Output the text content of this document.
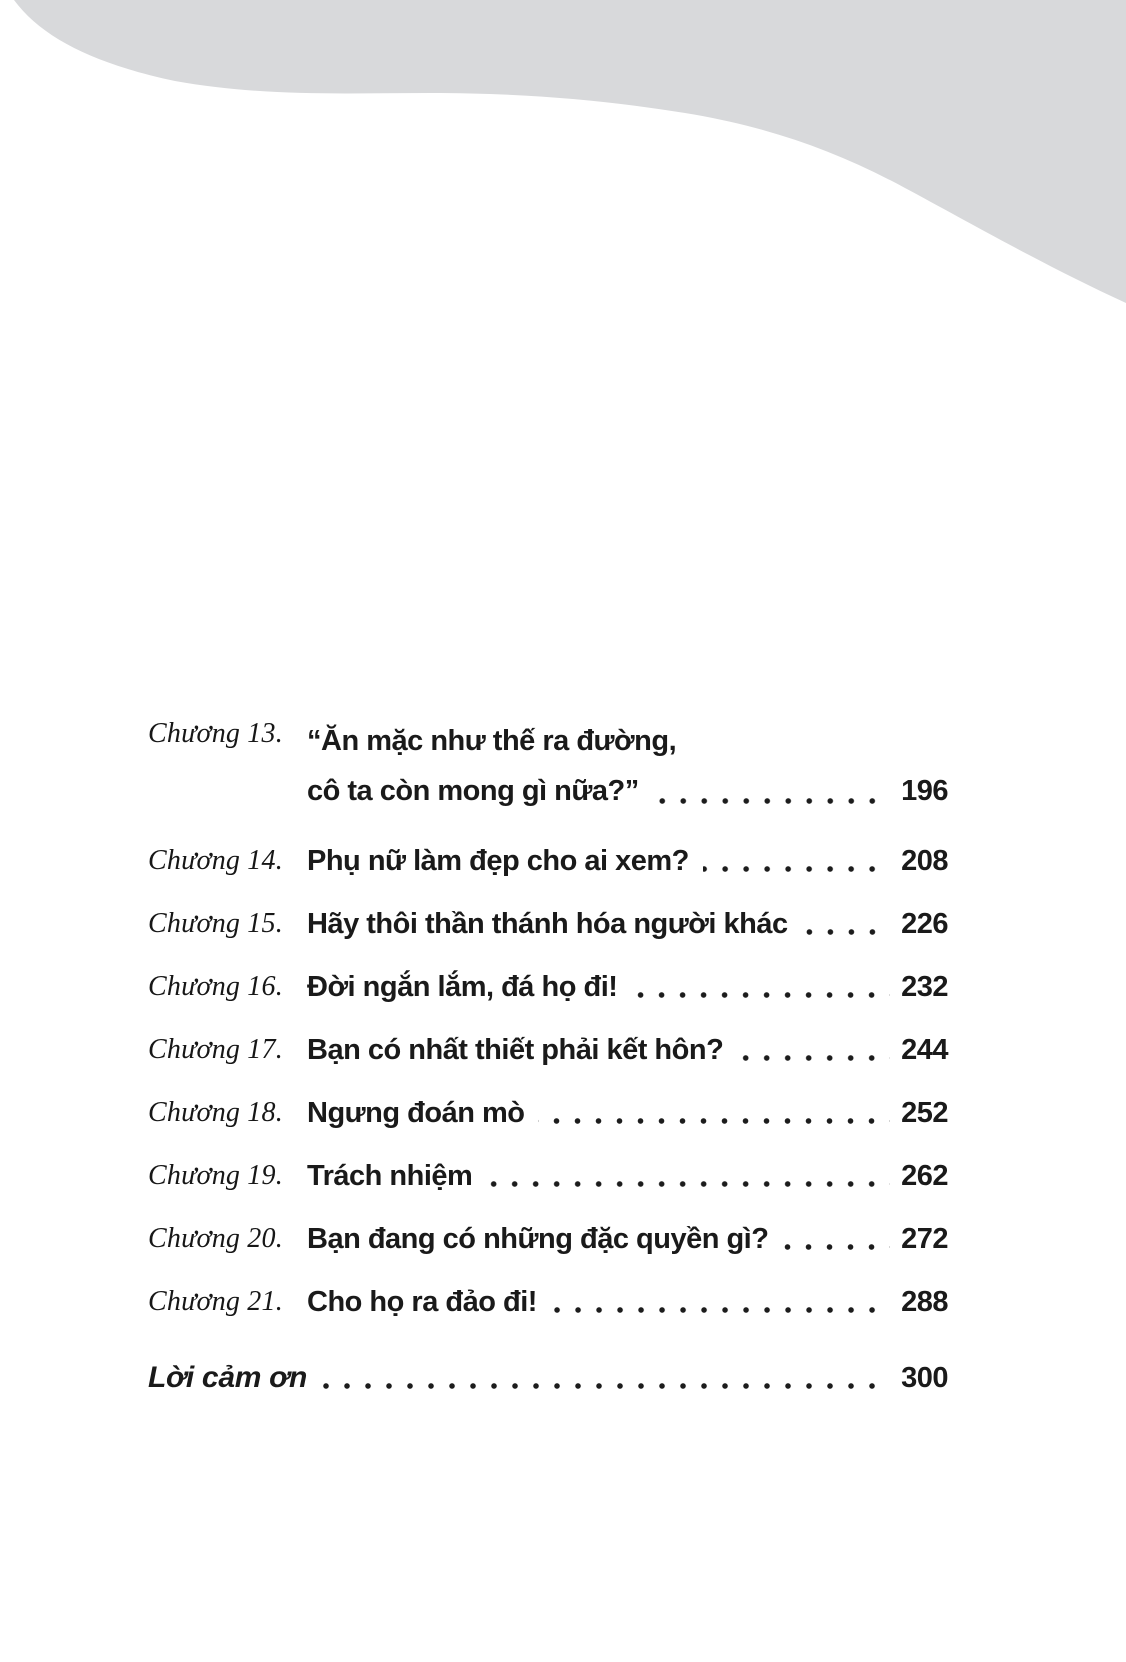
Chương 13. “Ăn mặc như thế ra đường,
cô ta còn mong gì nữa?”	196
Chương 14. Phụ nữ làm đẹp cho ai xem?	208
Chương 15. Hãy thôi thần thánh hóa người khác	226
Chương 16. Đời ngắn lắm, đá họ đi!	232
Chương 17. Bạn có nhất thiết phải kết hôn?	244
Chương 18. Ngưng đoán mò	252
Chương 19. Trách nhiệm	262
Chương 20. Bạn đang có những đặc quyền gì?	272
Chương 21. Cho họ ra đảo đi!	288
Lời cảm ơn	300
